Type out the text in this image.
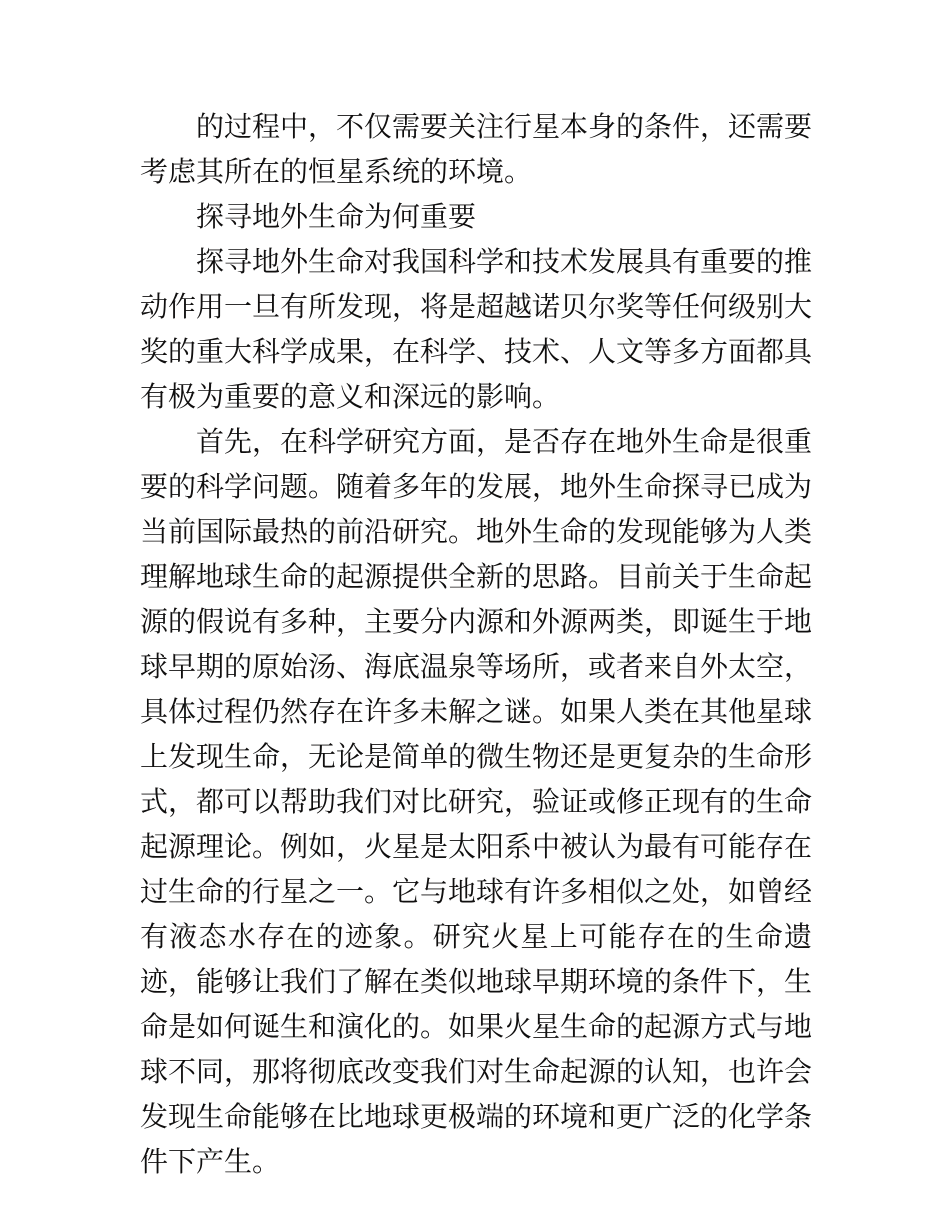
的过程中，不仅需要关注行星本身的条件，还需要考虑其所在的恒星系统的环境。

探寻地外生命为何重要

探寻地外生命对我国科学和技术发展具有重要的推动作用一旦有所发现，将是超越诺贝尔奖等任何级别大奖的重大科学成果，在科学、技术、人文等多方面都具有极为重要的意义和深远的影响。

首先，在科学研究方面，是否存在地外生命是很重要的科学问题。随着多年的发展，地外生命探寻已成为当前国际最热的前沿研究。地外生命的发现能够为人类理解地球生命的起源提供全新的思路。目前关于生命起源的假说有多种，主要分内源和外源两类，即诞生于地球早期的原始汤、海底温泉等场所，或者来自外太空，具体过程仍然存在许多未解之谜。如果人类在其他星球上发现生命，无论是简单的微生物还是更复杂的生命形式，都可以帮助我们对比研究，验证或修正现有的生命起源理论。例如，火星是太阳系中被认为最有可能存在过生命的行星之一。它与地球有许多相似之处，如曾经有液态水存在的迹象。研究火星上可能存在的生命遗迹，能够让我们了解在类似地球早期环境的条件下，生命是如何诞生和演化的。如果火星生命的起源方式与地球不同，那将彻底改变我们对生命起源的认知，也许会发现生命能够在比地球更极端的环境和更广泛的化学条件下产生。
